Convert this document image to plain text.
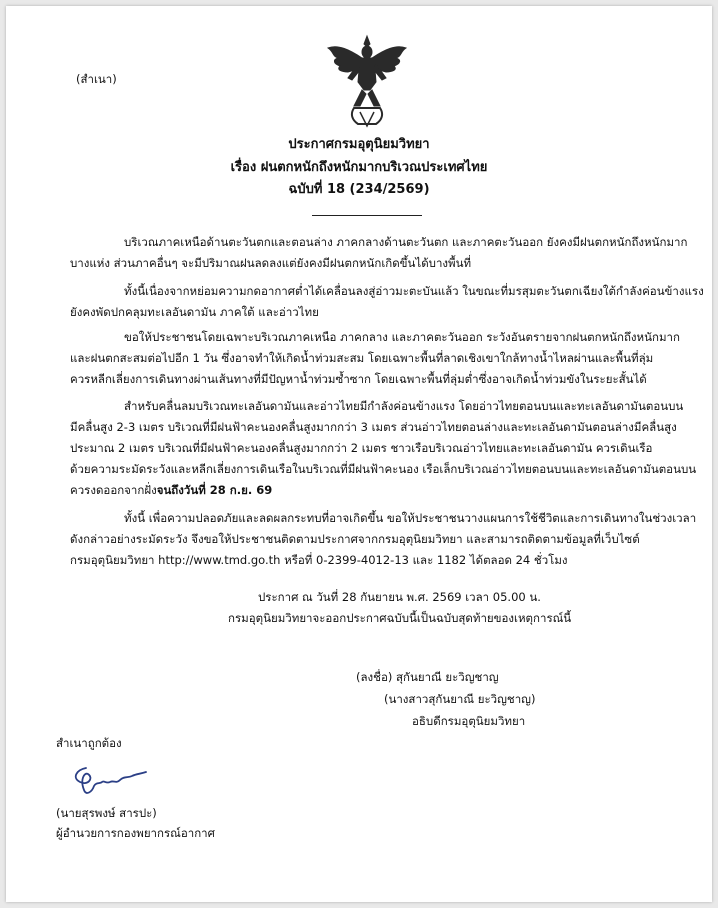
(สำเนา)
ประกาศกรมอุตุนิยมวิทยา
เรื่อง ฝนตกหนักถึงหนักมากบริเวณประเทศไทย
ฉบับที่ 18 (234/2569)
บริเวณภาคเหนือด้านตะวันตกและตอนล่าง ภาคกลางด้านตะวันตก และภาคตะวันออก ยังคงมีฝนตกหนักถึงหนักมาก
บางแห่ง ส่วนภาคอื่นๆ จะมีปริมาณฝนลดลงแต่ยังคงมีฝนตกหนักเกิดขึ้นได้บางพื้นที่
ทั้งนี้เนื่องจากหย่อมความกดอากาศต่ำได้เคลื่อนลงสู่อ่าวมะตะบันแล้ว ในขณะที่มรสุมตะวันตกเฉียงใต้กำลังค่อนข้างแรง
ยังคงพัดปกคลุมทะเลอันดามัน ภาคใต้ และอ่าวไทย
ขอให้ประชาชนโดยเฉพาะบริเวณภาคเหนือ ภาคกลาง และภาคตะวันออก ระวังอันตรายจากฝนตกหนักถึงหนักมาก
และฝนตกสะสมต่อไปอีก 1 วัน ซึ่งอาจทำให้เกิดน้ำท่วมสะสม โดยเฉพาะพื้นที่ลาดเชิงเขาใกล้ทางน้ำไหลผ่านและพื้นที่ลุ่ม
ควรหลีกเลี่ยงการเดินทางผ่านเส้นทางที่มีปัญหาน้ำท่วมซ้ำซาก โดยเฉพาะพื้นที่ลุ่มต่ำซึ่งอาจเกิดน้ำท่วมขังในระยะสั้นได้
สำหรับคลื่นลมบริเวณทะเลอันดามันและอ่าวไทยมีกำลังค่อนข้างแรง โดยอ่าวไทยตอนบนและทะเลอันดามันตอนบน
มีคลื่นสูง 2-3 เมตร บริเวณที่มีฝนฟ้าคะนองคลื่นสูงมากกว่า 3 เมตร ส่วนอ่าวไทยตอนล่างและทะเลอันดามันตอนล่างมีคลื่นสูง
ประมาณ 2 เมตร บริเวณที่มีฝนฟ้าคะนองคลื่นสูงมากกว่า 2 เมตร ชาวเรือบริเวณอ่าวไทยและทะเลอันดามัน ควรเดินเรือ
ด้วยความระมัดระวังและหลีกเลี่ยงการเดินเรือในบริเวณที่มีฝนฟ้าคะนอง เรือเล็กบริเวณอ่าวไทยตอนบนและทะเลอันดามันตอนบน
ควรงดออกจากฝั่งจนถึงวันที่ 28 ก.ย. 69
ทั้งนี้ เพื่อความปลอดภัยและลดผลกระทบที่อาจเกิดขึ้น ขอให้ประชาชนวางแผนการใช้ชีวิตและการเดินทางในช่วงเวลา
ดังกล่าวอย่างระมัดระวัง จึงขอให้ประชาชนติดตามประกาศจากกรมอุตุนิยมวิทยา และสามารถติดตามข้อมูลที่เว็บไซต์
กรมอุตุนิยมวิทยา http://www.tmd.go.th หรือที่ 0-2399-4012-13 และ 1182 ได้ตลอด 24 ชั่วโมง
ประกาศ ณ วันที่ 28 กันยายน พ.ศ. 2569 เวลา 05.00 น.
กรมอุตุนิยมวิทยาจะออกประกาศฉบับนี้เป็นฉบับสุดท้ายของเหตุการณ์นี้
(ลงชื่อ) สุกันยาณี ยะวิญชาญ
(นางสาวสุกันยาณี ยะวิญชาญ)
อธิบดีกรมอุตุนิยมวิทยา
สำเนาถูกต้อง
(นายสุรพงษ์ สารปะ)
ผู้อำนวยการกองพยากรณ์อากาศ
